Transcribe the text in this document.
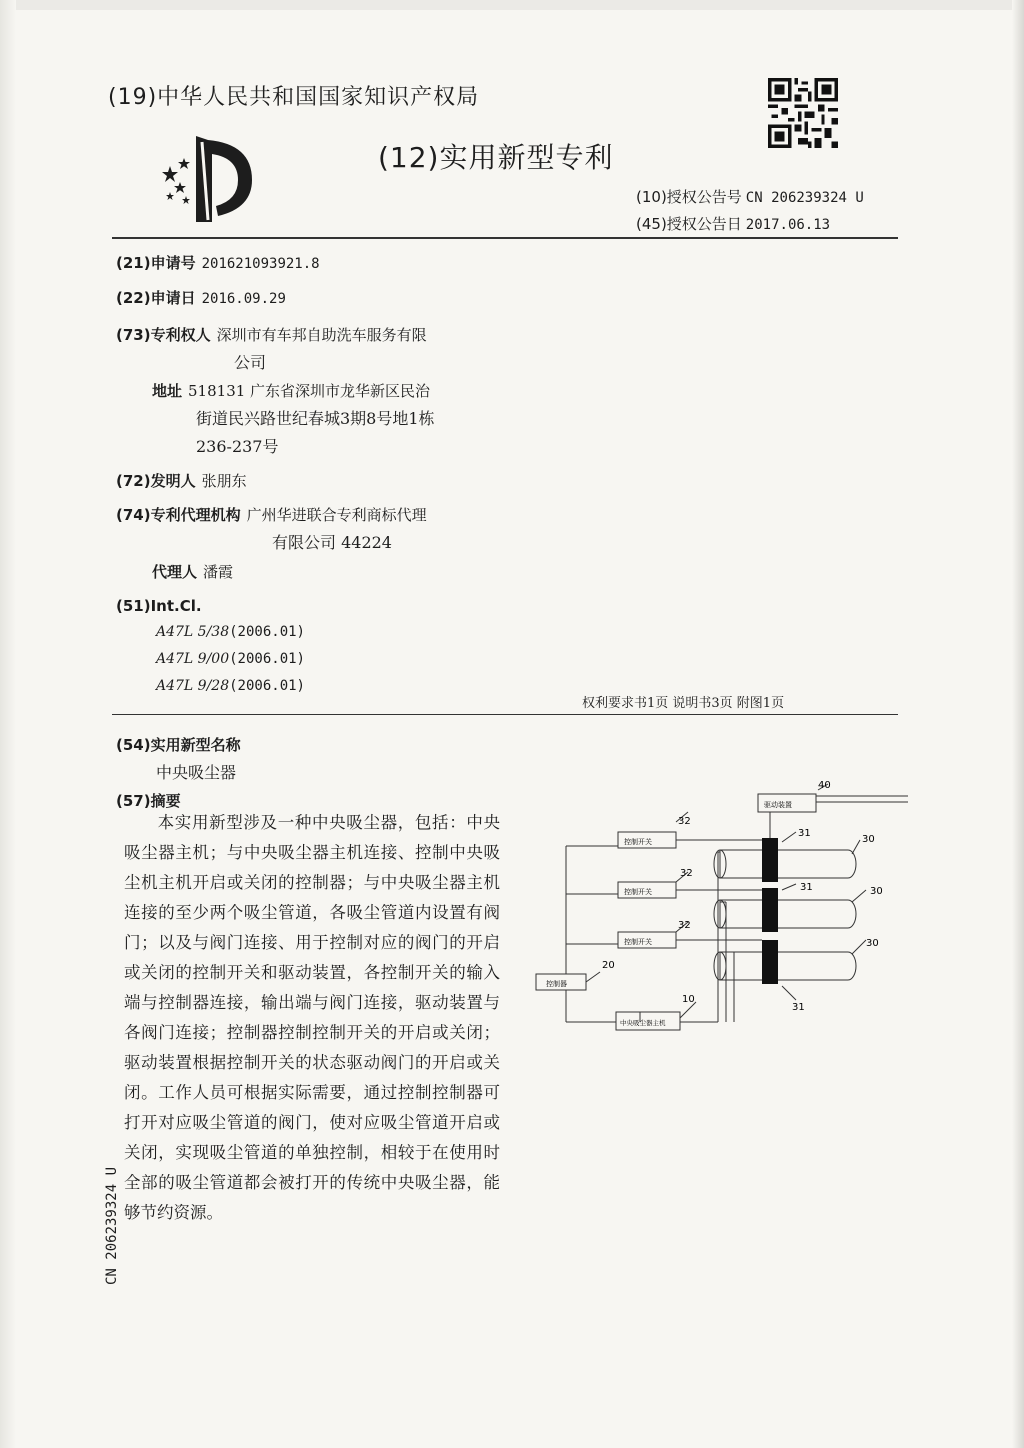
(19)中华人民共和国国家知识产权局
(12)实用新型专利
(10)授权公告号 CN 206239324 U
(45)授权公告日 2017.06.13
(21)申请号 201621093921.8
(22)申请日 2016.09.29
(73)专利权人 深圳市有车邦自助洗车服务有限
公司
地址 518131 广东省深圳市龙华新区民治
街道民兴路世纪春城3期8号地1栋
236-237号
(72)发明人 张朋东
(74)专利代理机构 广州华进联合专利商标代理
有限公司 44224
代理人 潘霞
(51)Int.Cl.
A47L 5/38(2006.01)
A47L 9/00(2006.01)
A47L 9/28(2006.01)
权利要求书1页 说明书3页 附图1页
(54)实用新型名称
中央吸尘器
(57)摘要
  本实用新型涉及一种中央吸尘器，包括：中央吸尘器主机；与中央吸尘器主机连接、控制中央吸尘机主机开启或关闭的控制器；与中央吸尘器主机连接的至少两个吸尘管道，各吸尘管道内设置有阀门；以及与阀门连接、用于控制对应的阀门的开启或关闭的控制开关和驱动装置，各控制开关的输入端与控制器连接，输出端与阀门连接，驱动装置与各阀门连接；控制器控制控制开关的开启或关闭；驱动装置根据控制开关的状态驱动阀门的开启或关闭。工作人员可根据实际需要，通过控制控制器可打开对应吸尘管道的阀门，使对应吸尘管道开启或关闭，实现吸尘管道的单独控制，相较于在使用时全部的吸尘管道都会被打开的传统中央吸尘器，能够节约资源。
CN 206239324 U
驱动装置
控制开关
控制开关
控制开关
控制器
中央吸尘器主机
40
32
32
32
31
31
31
30
30
30
20
10
